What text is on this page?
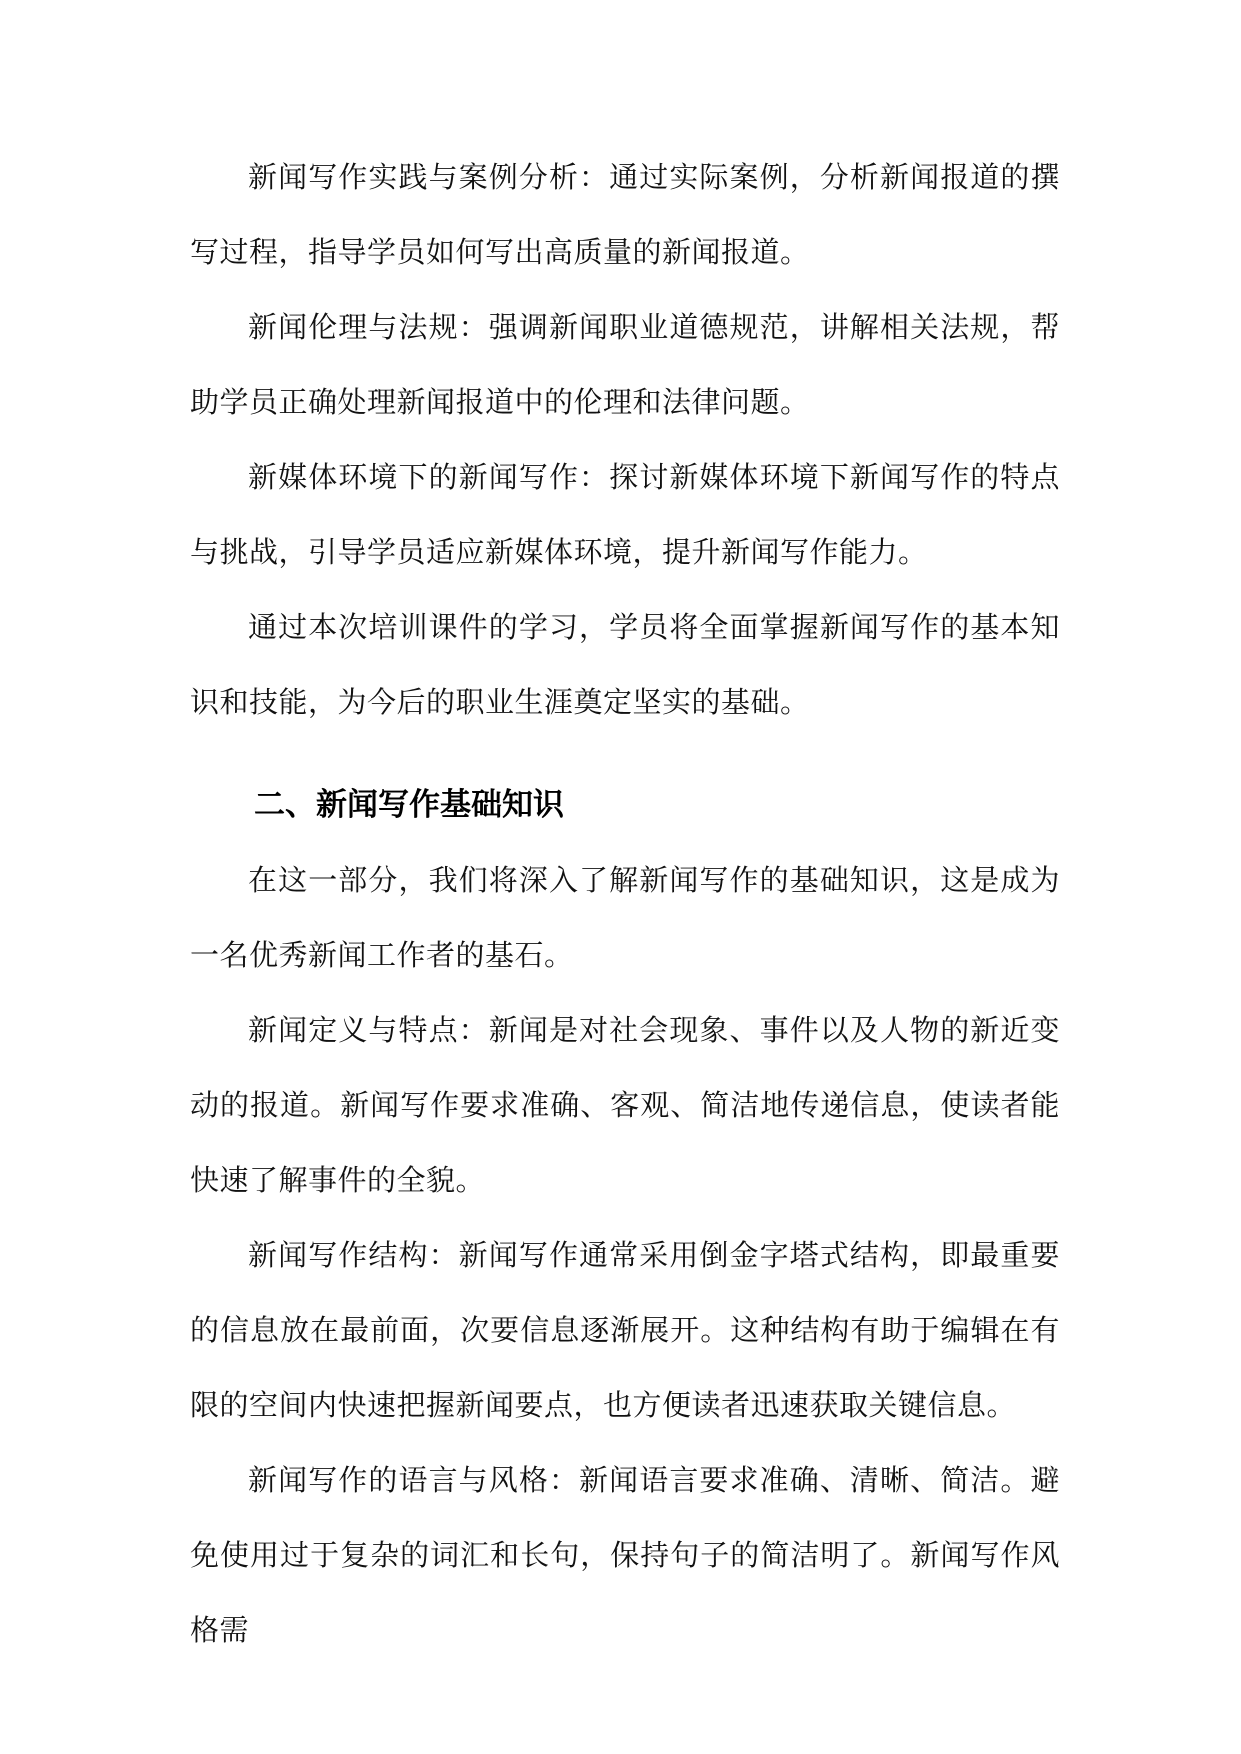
新闻写作实践与案例分析：通过实际案例，分析新闻报道的撰写过程，指导学员如何写出高质量的新闻报道。

新闻伦理与法规：强调新闻职业道德规范，讲解相关法规，帮助学员正确处理新闻报道中的伦理和法律问题。

新媒体环境下的新闻写作：探讨新媒体环境下新闻写作的特点与挑战，引导学员适应新媒体环境，提升新闻写作能力。

通过本次培训课件的学习，学员将全面掌握新闻写作的基本知识和技能，为今后的职业生涯奠定坚实的基础。

二、新闻写作基础知识

在这一部分，我们将深入了解新闻写作的基础知识，这是成为一名优秀新闻工作者的基石。

新闻定义与特点：新闻是对社会现象、事件以及人物的新近变动的报道。新闻写作要求准确、客观、简洁地传递信息，使读者能快速了解事件的全貌。

新闻写作结构：新闻写作通常采用倒金字塔式结构，即最重要的信息放在最前面，次要信息逐渐展开。这种结构有助于编辑在有限的空间内快速把握新闻要点，也方便读者迅速获取关键信息。

新闻写作的语言与风格：新闻语言要求准确、清晰、简洁。避免使用过于复杂的词汇和长句，保持句子的简洁明了。新闻写作风格需
